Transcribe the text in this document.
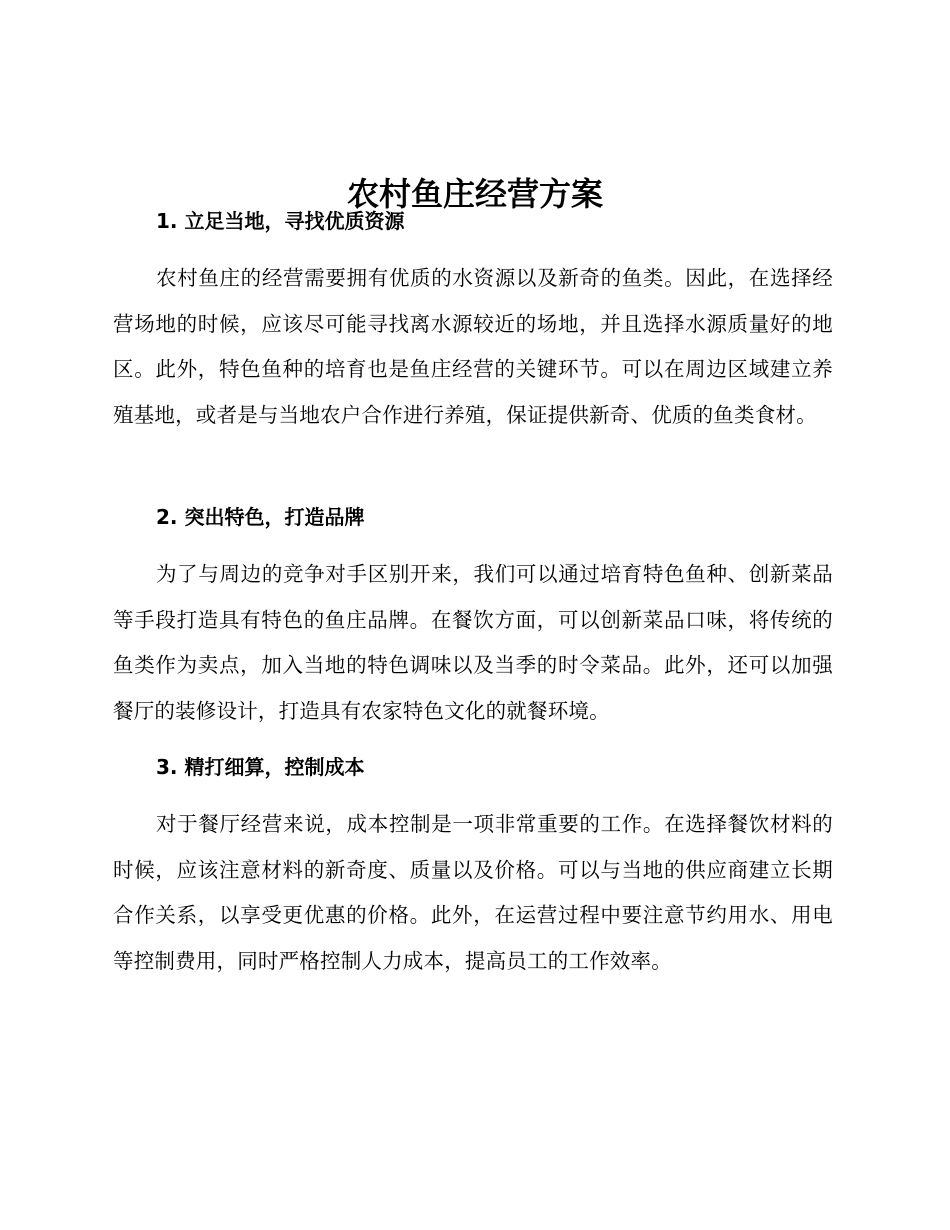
农村鱼庄经营方案
1. 立足当地，寻找优质资源

农村鱼庄的经营需要拥有优质的水资源以及新奇的鱼类。因此，在选择经营场地的时候，应该尽可能寻找离水源较近的场地，并且选择水源质量好的地区。此外，特色鱼种的培育也是鱼庄经营的关键环节。可以在周边区域建立养殖基地，或者是与当地农户合作进行养殖，保证提供新奇、优质的鱼类食材。

2. 突出特色，打造品牌

为了与周边的竞争对手区别开来，我们可以通过培育特色鱼种、创新菜品等手段打造具有特色的鱼庄品牌。在餐饮方面，可以创新菜品口味，将传统的鱼类作为卖点，加入当地的特色调味以及当季的时令菜品。此外，还可以加强餐厅的装修设计，打造具有农家特色文化的就餐环境。

3. 精打细算，控制成本

对于餐厅经营来说，成本控制是一项非常重要的工作。在选择餐饮材料的时候，应该注意材料的新奇度、质量以及价格。可以与当地的供应商建立长期合作关系，以享受更优惠的价格。此外，在运营过程中要注意节约用水、用电等控制费用，同时严格控制人力成本，提高员工的工作效率。
